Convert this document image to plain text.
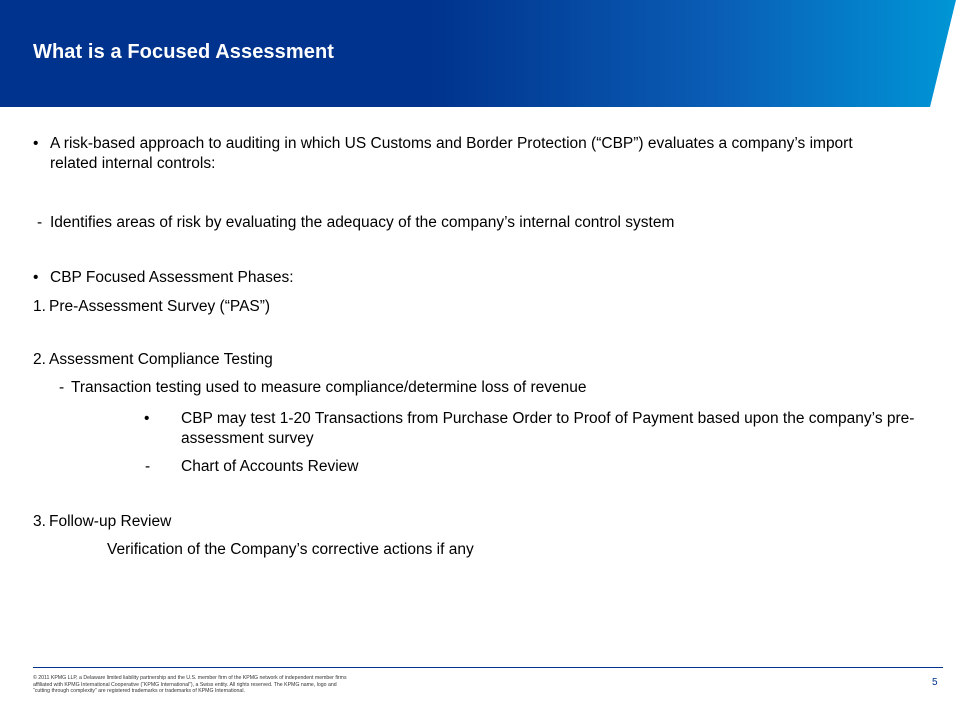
What is a Focused Assessment
• A risk-based approach to auditing in which US Customs and Border Protection (“CBP”) evaluates a company’s import related internal controls:
- Identifies areas of risk by evaluating the adequacy of the company’s internal control system
• CBP Focused Assessment Phases:
1. Pre-Assessment Survey (“PAS”)
2. Assessment Compliance Testing
- Transaction testing used to measure compliance/determine loss of revenue
•	CBP may test 1-20 Transactions from Purchase Order to Proof of Payment based upon the company’s pre-assessment survey
-	Chart of Accounts Review
3. Follow-up Review
Verification of the Company’s corrective actions if any
© 2011 KPMG LLP, a Delaware limited liability partnership and the U.S. member firm of the KPMG network of independent member firms affiliated with KPMG International Cooperative (“KPMG International”), a Swiss entity. All rights reserved. The KPMG name, logo and “cutting through complexity” are registered trademarks or trademarks of KPMG International.
5
